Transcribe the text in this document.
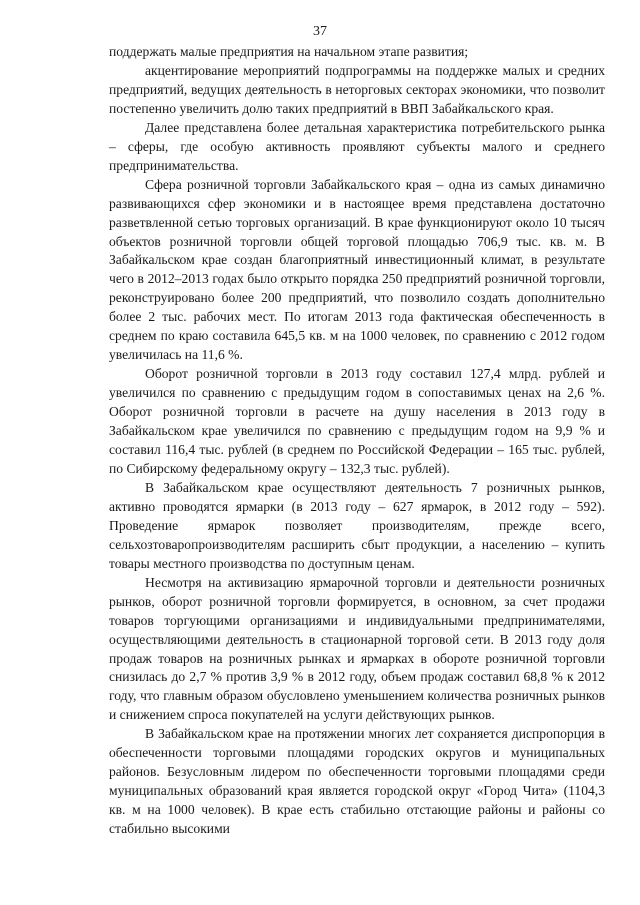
37

поддержать малые предприятия на начальном этапе развития;

акцентирование мероприятий подпрограммы на поддержке малых и средних предприятий, ведущих деятельность в неторговых секторах экономики, что позволит постепенно увеличить долю таких предприятий в ВВП Забайкальского края.

Далее представлена более детальная характеристика потребительского рынка – сферы, где особую активность проявляют субъекты малого и среднего предпринимательства.

Сфера розничной торговли Забайкальского края – одна из самых динамично развивающихся сфер экономики и в настоящее время представлена достаточно разветвленной сетью торговых организаций. В крае функционируют около 10 тысяч объектов розничной торговли общей торговой площадью 706,9 тыс. кв. м. В Забайкальском крае создан благоприятный инвестиционный климат, в результате чего в 2012–2013 годах было открыто порядка 250 предприятий розничной торговли, реконструировано более 200 предприятий, что позволило создать дополнительно более 2 тыс. рабочих мест. По итогам 2013 года фактическая обеспеченность в среднем по краю составила 645,5 кв. м на 1000 человек, по сравнению с 2012 годом увеличилась на 11,6 %.

Оборот розничной торговли в 2013 году составил 127,4 млрд. рублей и увеличился по сравнению с предыдущим годом в сопоставимых ценах на 2,6 %. Оборот розничной торговли в расчете на душу населения в 2013 году в Забайкальском крае увеличился по сравнению с предыдущим годом на 9,9 % и составил 116,4 тыс. рублей (в среднем по Российской Федерации – 165 тыс. рублей, по Сибирскому федеральному округу – 132,3 тыс. рублей).

В Забайкальском крае осуществляют деятельность 7 розничных рынков, активно проводятся ярмарки (в 2013 году – 627 ярмарок, в 2012 году – 592). Проведение ярмарок позволяет производителям, прежде всего, сельхозтоваропроизводителям расширить сбыт продукции, а населению – купить товары местного производства по доступным ценам.

Несмотря на активизацию ярмарочной торговли и деятельности розничных рынков, оборот розничной торговли формируется, в основном, за счет продажи товаров торгующими организациями и индивидуальными предпринимателями, осуществляющими деятельность в стационарной торговой сети. В 2013 году доля продаж товаров на розничных рынках и ярмарках в обороте розничной торговли снизилась до 2,7 % против 3,9 % в 2012 году, объем продаж составил 68,8 % к 2012 году, что главным образом обусловлено уменьшением количества розничных рынков и снижением спроса покупателей на услуги действующих рынков.

В Забайкальском крае на протяжении многих лет сохраняется диспропорция в обеспеченности торговыми площадями городских округов и муниципальных районов. Безусловным лидером по обеспеченности торговыми площадями среди муниципальных образований края является городской округ «Город Чита» (1104,3 кв. м на 1000 человек). В крае есть стабильно отстающие районы и районы со стабильно высокими
